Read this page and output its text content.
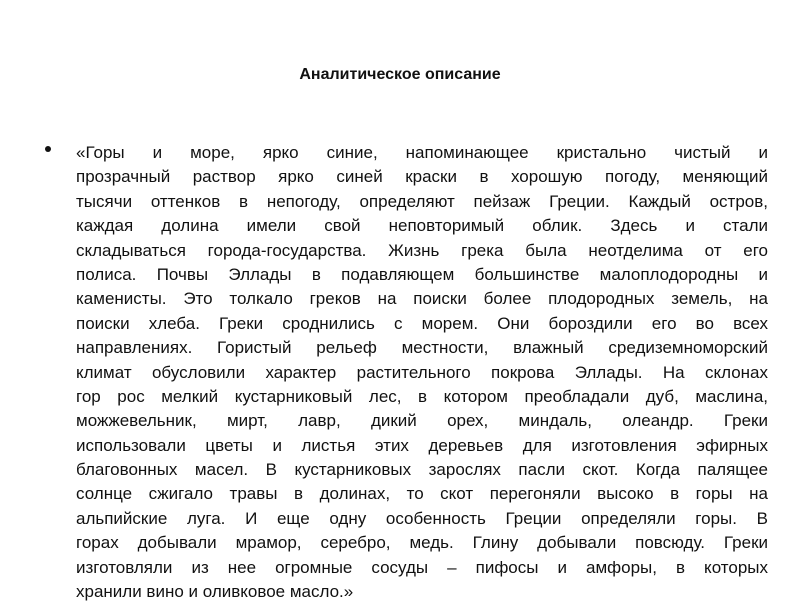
Аналитическое описание
«Горы и море, ярко синие, напоминающее кристально чистый и
прозрачный раствор ярко синей краски в хорошую погоду, меняющий
тысячи оттенков в непогоду, определяют пейзаж Греции. Каждый остров,
каждая долина имели свой неповторимый облик. Здесь и стали
складываться города-государства. Жизнь грека была неотделима от его
полиса. Почвы Эллады в подавляющем большинстве малоплодородны и
каменисты. Это толкало греков на поиски более плодородных земель, на
поиски хлеба. Греки сроднились с морем. Они бороздили его во всех
направлениях. Гористый рельеф местности, влажный средиземноморский
климат обусловили характер растительного покрова Эллады. На склонах
гор рос мелкий кустарниковый лес, в котором преобладали дуб, маслина,
можжевельник, мирт, лавр, дикий орех, миндаль, олеандр. Греки
использовали цветы и листья этих деревьев для изготовления эфирных
благовонных масел. В кустарниковых зарослях пасли скот. Когда палящее
солнце сжигало травы в долинах, то скот перегоняли высоко в горы на
альпийские луга. И еще одну особенность Греции определяли горы. В
горах добывали мрамор, серебро, медь. Глину добывали повсюду. Греки
изготовляли из нее огромные сосуды – пифосы и амфоры, в которых
хранили вино и оливковое масло.»
